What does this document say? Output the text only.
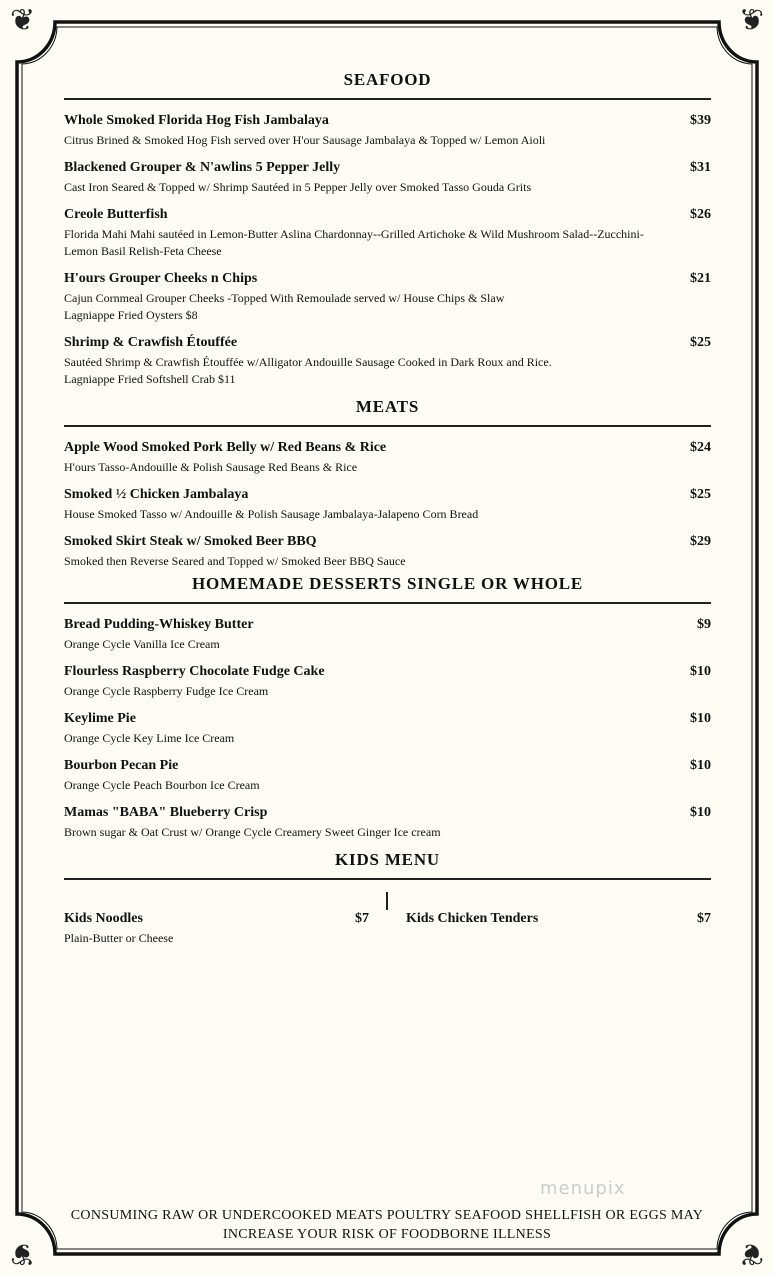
❦	❦
❦	❦
SEAFOOD
Whole Smoked Florida Hog Fish Jambalaya	$39
Citrus Brined & Smoked Hog Fish served over H'our Sausage Jambalaya & Topped w/ Lemon Aioli
Blackened Grouper & N'awlins 5 Pepper Jelly	$31
Cast Iron Seared & Topped w/ Shrimp Sautéed in 5 Pepper Jelly over Smoked Tasso Gouda Grits
Creole Butterfish	$26
Florida Mahi Mahi sautéed in Lemon-Butter Aslina Chardonnay--Grilled Artichoke & Wild Mushroom Salad--Zucchini-Lemon Basil Relish-Feta Cheese
H'ours Grouper Cheeks n Chips	$21
Cajun Cornmeal Grouper Cheeks -Topped With Remoulade served w/ House Chips & Slaw
Lagniappe Fried Oysters $8
Shrimp & Crawfish Étouffée	$25
Sautéed Shrimp & Crawfish Étouffée w/Alligator Andouille Sausage Cooked in Dark Roux and Rice.
Lagniappe Fried Softshell Crab $11
MEATS
Apple Wood Smoked Pork Belly w/ Red Beans & Rice	$24
H'ours Tasso-Andouille & Polish Sausage Red Beans & Rice
Smoked ½ Chicken Jambalaya	$25
House Smoked Tasso w/ Andouille & Polish Sausage Jambalaya-Jalapeno Corn Bread
Smoked Skirt Steak w/ Smoked Beer BBQ	$29
Smoked then Reverse Seared and Topped w/ Smoked Beer BBQ Sauce
HOMEMADE DESSERTS SINGLE OR WHOLE
Bread Pudding-Whiskey Butter	$9
Orange Cycle Vanilla Ice Cream
Flourless Raspberry Chocolate Fudge Cake	$10
Orange Cycle Raspberry Fudge Ice Cream
Keylime Pie	$10
Orange Cycle Key Lime Ice Cream
Bourbon Pecan Pie	$10
Orange Cycle Peach Bourbon Ice Cream
Mamas "BABA" Blueberry Crisp	$10
Brown sugar & Oat Crust w/ Orange Cycle Creamery Sweet Ginger Ice cream
KIDS MENU
Kids Noodles	$7
Plain-Butter or Cheese
Kids Chicken Tenders	$7
menupix
CONSUMING RAW OR UNDERCOOKED MEATS POULTRY SEAFOOD SHELLFISH OR EGGS MAY INCREASE YOUR RISK OF FOODBORNE ILLNESS
